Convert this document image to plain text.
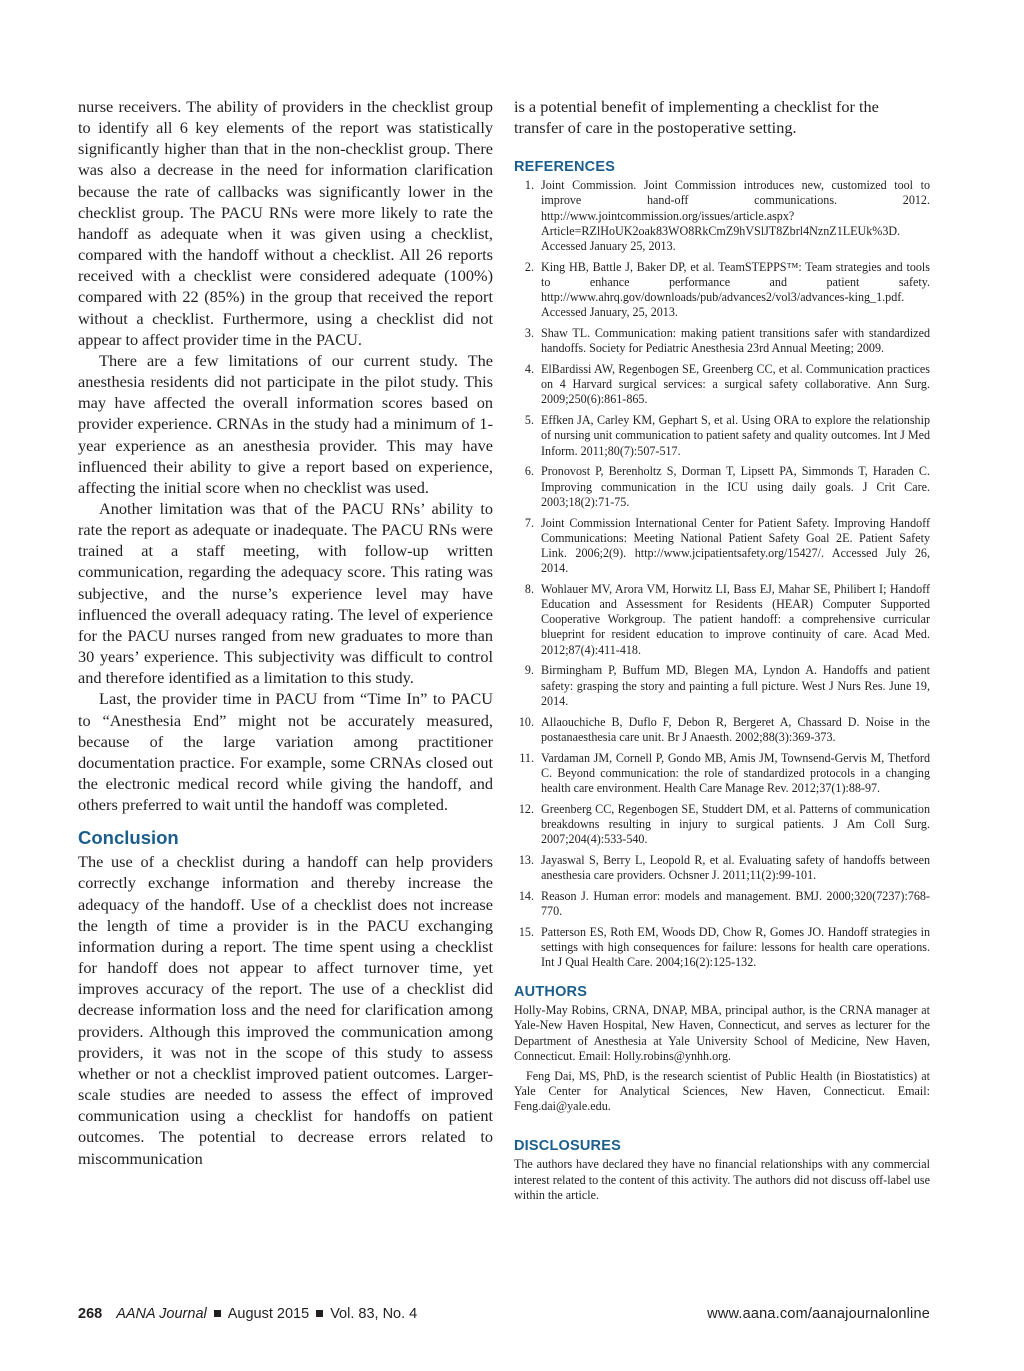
nurse receivers. The ability of providers in the checklist group to identify all 6 key elements of the report was statistically significantly higher than that in the non-checklist group. There was also a decrease in the need for information clarification because the rate of callbacks was significantly lower in the checklist group. The PACU RNs were more likely to rate the handoff as adequate when it was given using a checklist, compared with the handoff without a checklist. All 26 reports received with a checklist were considered adequate (100%) compared with 22 (85%) in the group that received the report without a checklist. Furthermore, using a checklist did not appear to affect provider time in the PACU.

There are a few limitations of our current study. The anesthesia residents did not participate in the pilot study. This may have affected the overall information scores based on provider experience. CRNAs in the study had a minimum of 1-year experience as an anesthesia provider. This may have influenced their ability to give a report based on experience, affecting the initial score when no checklist was used.

Another limitation was that of the PACU RNs’ ability to rate the report as adequate or inadequate. The PACU RNs were trained at a staff meeting, with follow-up written communication, regarding the adequacy score. This rating was subjective, and the nurse’s experience level may have influenced the overall adequacy rating. The level of experience for the PACU nurses ranged from new graduates to more than 30 years’ experience. This subjectivity was difficult to control and therefore identified as a limitation to this study.

Last, the provider time in PACU from “Time In” to PACU to “Anesthesia End” might not be accurately measured, because of the large variation among practitioner documentation practice. For example, some CRNAs closed out the electronic medical record while giving the handoff, and others preferred to wait until the handoff was completed.

Conclusion

The use of a checklist during a handoff can help providers correctly exchange information and thereby increase the adequacy of the handoff. Use of a checklist does not increase the length of time a provider is in the PACU exchanging information during a report. The time spent using a checklist for handoff does not appear to affect turnover time, yet improves accuracy of the report. The use of a checklist did decrease information loss and the need for clarification among providers. Although this improved the communication among providers, it was not in the scope of this study to assess whether or not a checklist improved patient outcomes. Larger-scale studies are needed to assess the effect of improved communication using a checklist for handoffs on patient outcomes. The potential to decrease errors related to miscommunication

is a potential benefit of implementing a checklist for the transfer of care in the postoperative setting.

REFERENCES
1. Joint Commission. Joint Commission introduces new, customized tool to improve hand-off communications. 2012. http://www.jointcommission.org/issues/article.aspx?Article=RZlHoUK2oak83WO8RkCmZ9hVSlJT8Zbrl4NznZ1LEUk%3D. Accessed January 25, 2013.
2. King HB, Battle J, Baker DP, et al. TeamSTEPPS™: Team strategies and tools to enhance performance and patient safety. http://www.ahrq.gov/downloads/pub/advances2/vol3/advances-king_1.pdf. Accessed January, 25, 2013.
3. Shaw TL. Communication: making patient transitions safer with standardized handoffs. Society for Pediatric Anesthesia 23rd Annual Meeting; 2009.
4. ElBardissi AW, Regenbogen SE, Greenberg CC, et al. Communication practices on 4 Harvard surgical services: a surgical safety collaborative. Ann Surg. 2009;250(6):861-865.
5. Effken JA, Carley KM, Gephart S, et al. Using ORA to explore the relationship of nursing unit communication to patient safety and quality outcomes. Int J Med Inform. 2011;80(7):507-517.
6. Pronovost P, Berenholtz S, Dorman T, Lipsett PA, Simmonds T, Haraden C. Improving communication in the ICU using daily goals. J Crit Care. 2003;18(2):71-75.
7. Joint Commission International Center for Patient Safety. Improving Handoff Communications: Meeting National Patient Safety Goal 2E. Patient Safety Link. 2006;2(9). http://www.jcipatientsafety.org/15427/. Accessed July 26, 2014.
8. Wohlauer MV, Arora VM, Horwitz LI, Bass EJ, Mahar SE, Philibert I; Handoff Education and Assessment for Residents (HEAR) Computer Supported Cooperative Workgroup. The patient handoff: a comprehensive curricular blueprint for resident education to improve continuity of care. Acad Med. 2012;87(4):411-418.
9. Birmingham P, Buffum MD, Blegen MA, Lyndon A. Handoffs and patient safety: grasping the story and painting a full picture. West J Nurs Res. June 19, 2014.
10. Allaouchiche B, Duflo F, Debon R, Bergeret A, Chassard D. Noise in the postanaesthesia care unit. Br J Anaesth. 2002;88(3):369-373.
11. Vardaman JM, Cornell P, Gondo MB, Amis JM, Townsend-Gervis M, Thetford C. Beyond communication: the role of standardized protocols in a changing health care environment. Health Care Manage Rev. 2012;37(1):88-97.
12. Greenberg CC, Regenbogen SE, Studdert DM, et al. Patterns of communication breakdowns resulting in injury to surgical patients. J Am Coll Surg. 2007;204(4):533-540.
13. Jayaswal S, Berry L, Leopold R, et al. Evaluating safety of handoffs between anesthesia care providers. Ochsner J. 2011;11(2):99-101.
14. Reason J. Human error: models and management. BMJ. 2000;320(7237):768-770.
15. Patterson ES, Roth EM, Woods DD, Chow R, Gomes JO. Handoff strategies in settings with high consequences for failure: lessons for health care operations. Int J Qual Health Care. 2004;16(2):125-132.
AUTHORS

Holly-May Robins, CRNA, DNAP, MBA, principal author, is the CRNA manager at Yale-New Haven Hospital, New Haven, Connecticut, and serves as lecturer for the Department of Anesthesia at Yale University School of Medicine, New Haven, Connecticut. Email: Holly.robins@ynhh.org.

Feng Dai, MS, PhD, is the research scientist of Public Health (in Biostatistics) at Yale Center for Analytical Sciences, New Haven, Connecticut. Email: Feng.dai@yale.edu.

DISCLOSURES

The authors have declared they have no financial relationships with any commercial interest related to the content of this activity. The authors did not discuss off-label use within the article.

268 AANA Journal August 2015 Vol. 83, No. 4	www.aana.com/aanajournalonline
